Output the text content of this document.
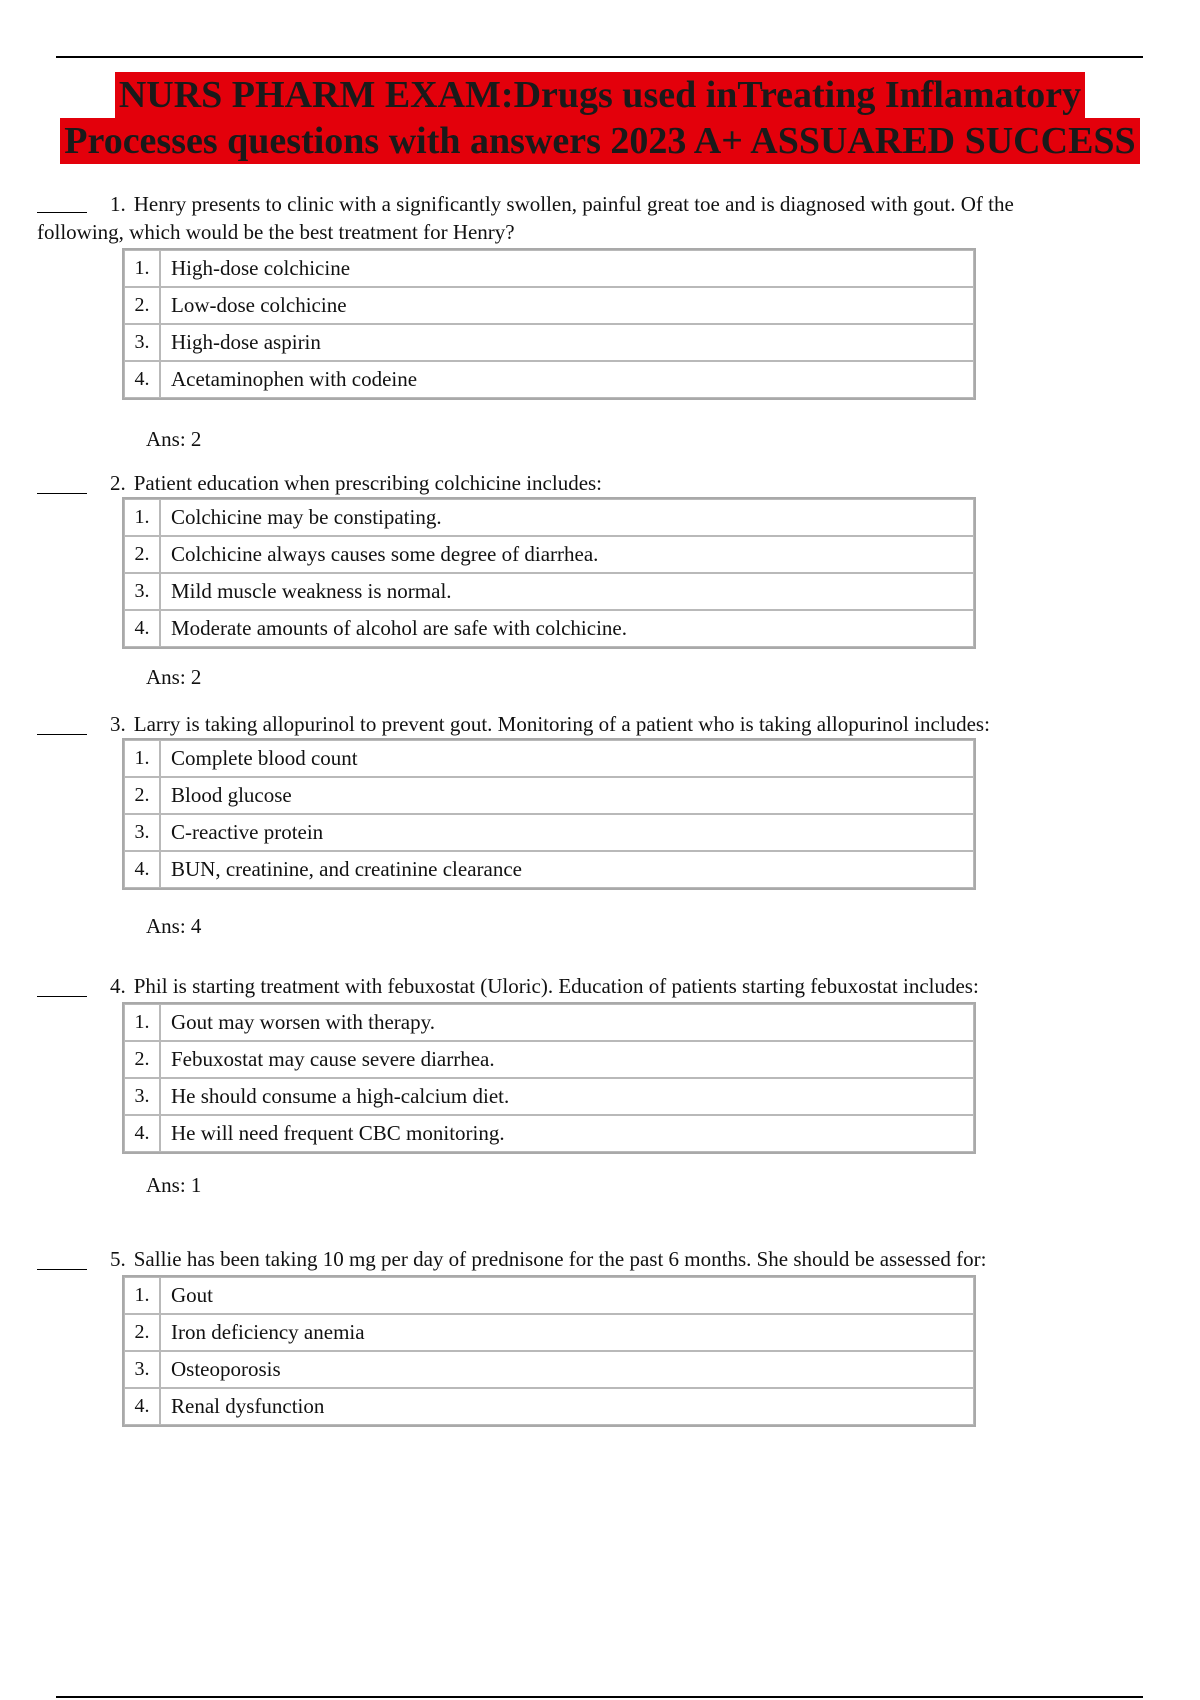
NURS PHARM EXAM:Drugs used inTreating Inflamatory
Processes questions with answers 2023 A+ ASSUARED SUCCESS
1. Henry presents to clinic with a significantly swollen, painful great toe and is diagnosed with gout. Of the
following, which would be the best treatment for Henry?
1.	High-dose colchicine
2.	Low-dose colchicine
3.	High-dose aspirin
4.	Acetaminophen with codeine
Ans: 2
2. Patient education when prescribing colchicine includes:
1.	Colchicine may be constipating.
2.	Colchicine always causes some degree of diarrhea.
3.	Mild muscle weakness is normal.
4.	Moderate amounts of alcohol are safe with colchicine.
Ans: 2
3. Larry is taking allopurinol to prevent gout. Monitoring of a patient who is taking allopurinol includes:
1.	Complete blood count
2.	Blood glucose
3.	C-reactive protein
4.	BUN, creatinine, and creatinine clearance
Ans: 4
4. Phil is starting treatment with febuxostat (Uloric). Education of patients starting febuxostat includes:
1.	Gout may worsen with therapy.
2.	Febuxostat may cause severe diarrhea.
3.	He should consume a high-calcium diet.
4.	He will need frequent CBC monitoring.
Ans: 1
5. Sallie has been taking 10 mg per day of prednisone for the past 6 months. She should be assessed for:
1.	Gout
2.	Iron deficiency anemia
3.	Osteoporosis
4.	Renal dysfunction
